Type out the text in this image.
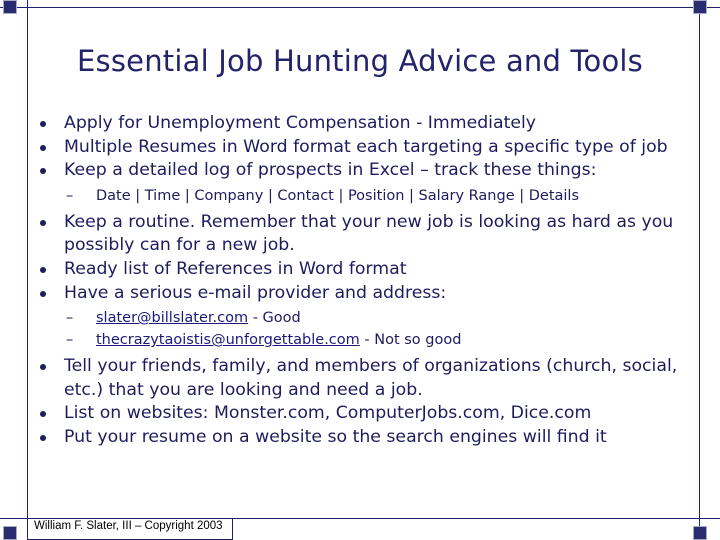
Essential Job Hunting Advice and Tools
Apply for Unemployment Compensation - Immediately
Multiple Resumes in Word format each targeting a specific type of job
Keep a detailed log of prospects in Excel – track these things:
– Date | Time | Company | Contact | Position | Salary Range | Details
Keep a routine. Remember that your new job is looking as hard as you possibly can for a new job.
Ready list of References in Word format
Have a serious e-mail provider and address:
– slater@billslater.com - Good
– thecrazytaoistis@unforgettable.com - Not so good
Tell your friends, family, and members of organizations (church, social, etc.) that you are looking and need a job.
List on websites: Monster.com, ComputerJobs.com, Dice.com
Put your resume on a website so the search engines will find it
William F. Slater, III – Copyright 2003
